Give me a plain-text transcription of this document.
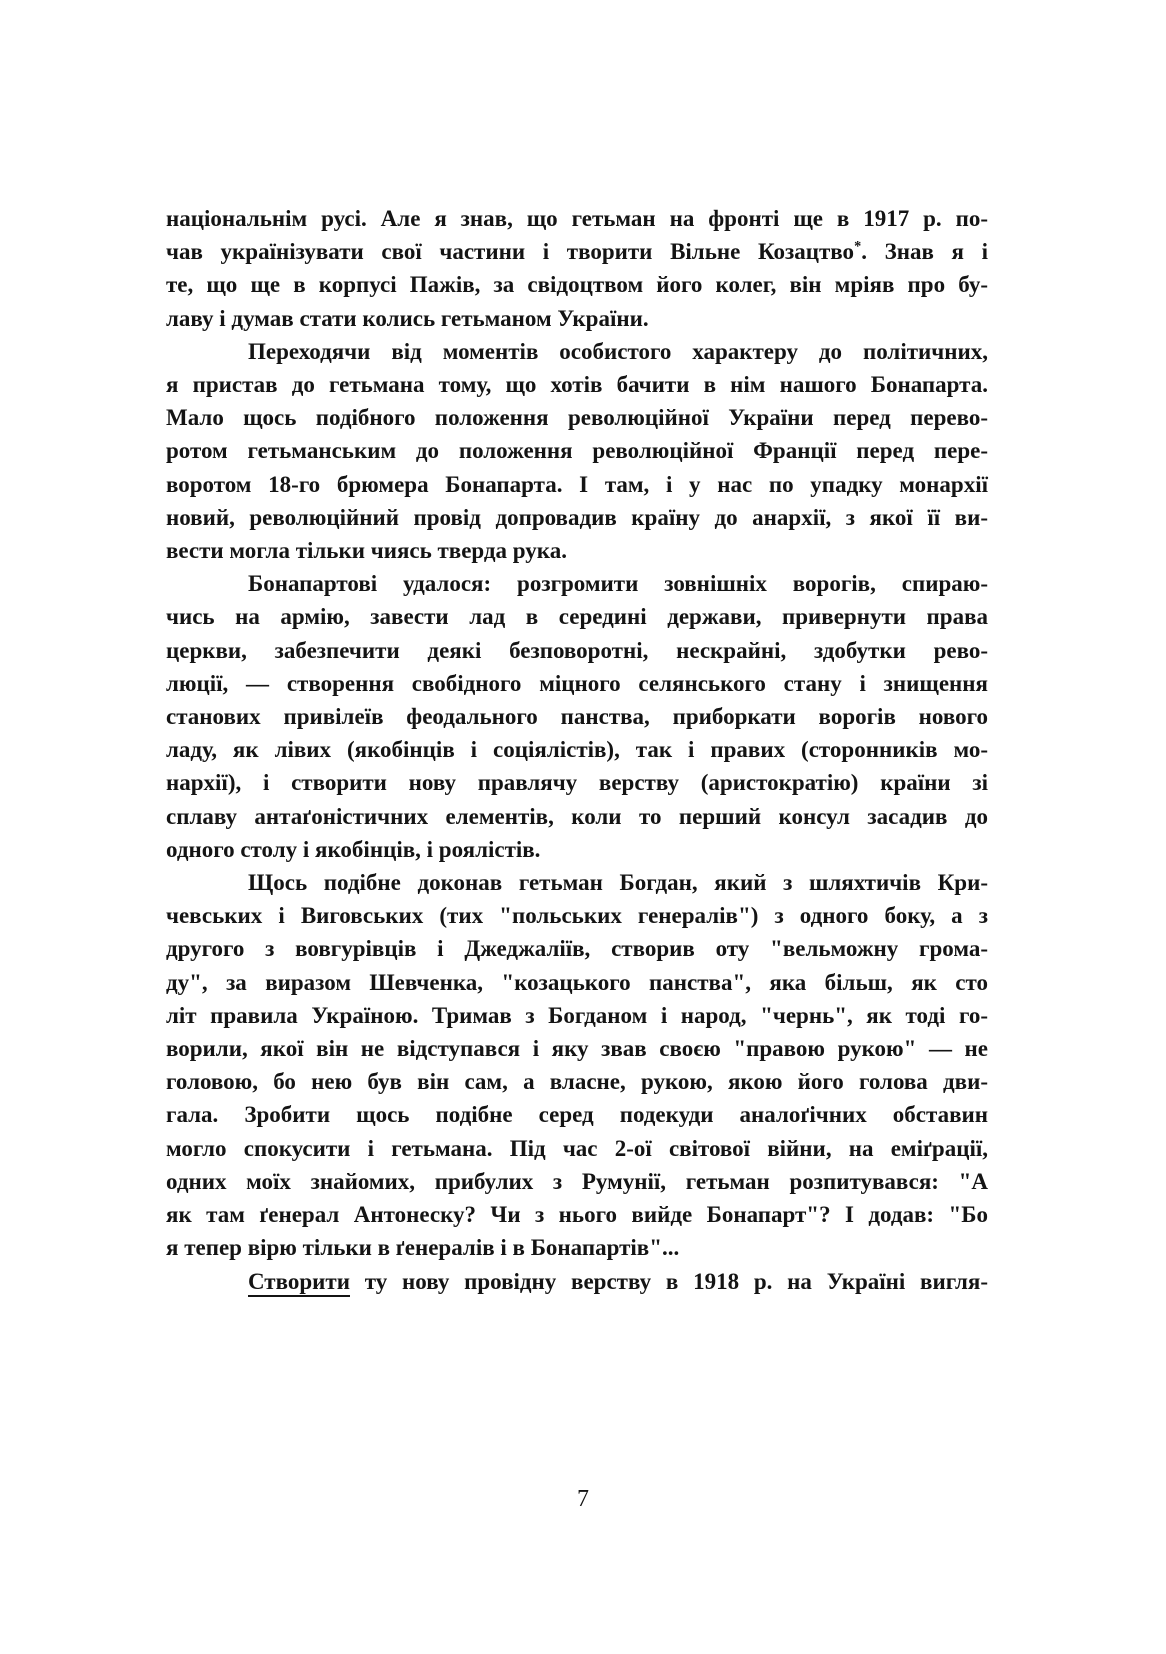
національнім русі. Але я знав, що гетьман на фронті ще в 1917 р. по-
чав українізувати свої частини і творити Вільне Козацтво*. Знав я і
те, що ще в корпусі Пажів, за свідоцтвом його колег, він мріяв про бу-
лаву і думав стати колись гетьманом України.
Переходячи від моментів особистого характеру до політичних,
я пристав до гетьмана тому, що хотів бачити в нім нашого Бонапарта.
Мало щось подібного положення революційної України перед перево-
ротом гетьманським до положення революційної Франції перед пере-
воротом 18-го брюмера Бонапарта. І там, і у нас по упадку монархії
новий, революційний провід допровадив країну до анархії, з якої її ви-
вести могла тільки чиясь тверда рука.
Бонапартові удалося: розгромити зовнішніх ворогів, спираю-
чись на армію, завести лад в середині держави, привернути права
церкви, забезпечити деякі безповоротні, нескрайні, здобутки рево-
люції, — створення свобідного міцного селянського стану і знищення
станових привілеїв феодального панства, приборкати ворогів нового
ладу, як лівих (якобінців і соціялістів), так і правих (сторонників мо-
нархії), і створити нову правлячу верству (аристократію) країни зі
сплаву антаґоністичних елементів, коли то перший консул засадив до
одного столу і якобінців, і роялістів.
Щось подібне доконав гетьман Богдан, який з шляхтичів Кри-
чевських і Виговських (тих "польських генералів") з одного боку, а з
другого з вовгурівців і Джеджаліїв, створив оту "вельможну грома-
ду", за виразом Шевченка, "козацького панства", яка більш, як сто
літ правила Україною. Тримав з Богданом і народ, "чернь", як тоді го-
ворили, якої він не відступався і яку звав своєю "правою рукою" — не
головою, бо нею був він сам, а власне, рукою, якою його голова дви-
гала. Зробити щось подібне серед подекуди аналоґічних обставин
могло спокусити і гетьмана. Під час 2-ої світової війни, на еміґрації,
одних моїх знайомих, прибулих з Румунії, гетьман розпитувався: "А
як там ґенерал Антонеску? Чи з нього вийде Бонапарт"? І додав: "Бо
я тепер вірю тільки в ґенералів і в Бонапартів"...
Створити ту нову провідну верству в 1918 р. на Україні вигля-
7
